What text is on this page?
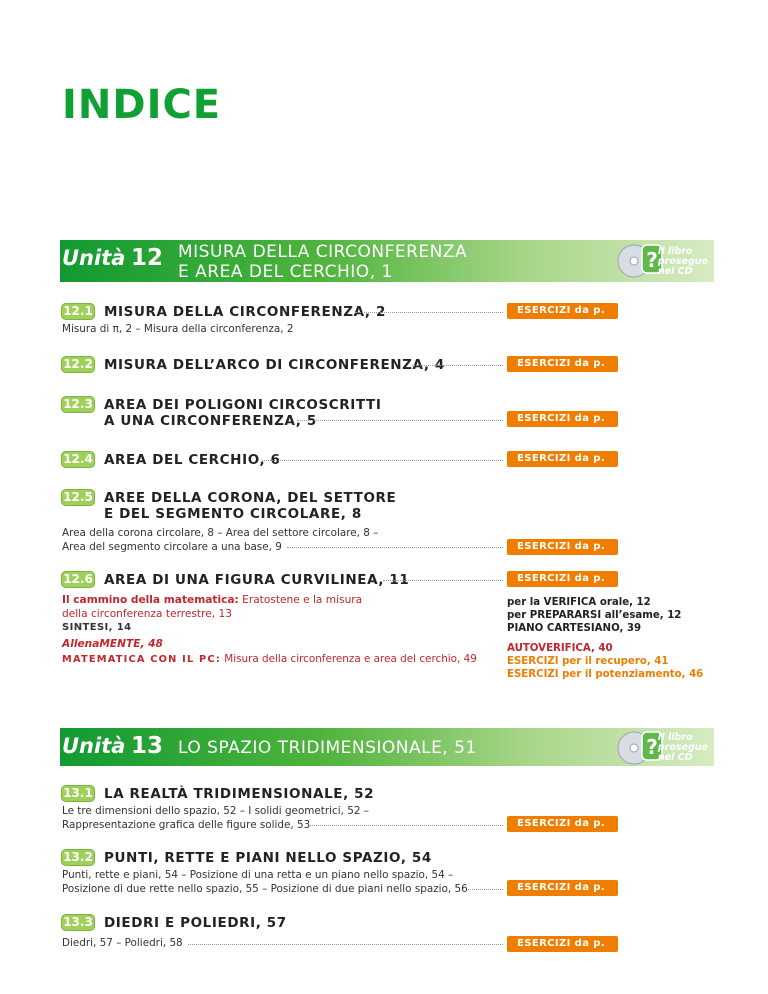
INDICE
Unità 12 MISURA DELLA CIRCONFERENZA
E AREA DEL CERCHIO, 1	? Il libro
prosegue
nel CD
12.1 MISURA DELLA CIRCONFERENZA, 2	ESERCIZI da p. 15
Misura di π, 2 – Misura della circonferenza, 2
12.2 MISURA DELL’ARCO DI CIRCONFERENZA, 4	ESERCIZI da p. 21
12.3 AREA DEI POLIGONI CIRCOSCRITTI
A UNA CIRCONFERENZA, 5	ESERCIZI da p. 25
12.4 AREA DEL CERCHIO, 6	ESERCIZI da p. 28
12.5 AREE DELLA CORONA, DEL SETTORE
E DEL SEGMENTO CIRCOLARE, 8
Area della corona circolare, 8 – Area del settore circolare, 8 –
Area del segmento circolare a una base, 9	ESERCIZI da p. 34
12.6 AREA DI UNA FIGURA CURVILINEA, 11	ESERCIZI da p. 38
Il cammino della matematica: Eratostene e la misura
della circonferenza terrestre, 13
SINTESI, 14
AllenaMENTE, 48
MATEMATICA CON IL PC: Misura della circonferenza e area del cerchio, 49
per la VERIFICA orale, 12
per PREPARARSI all’esame, 12
PIANO CARTESIANO, 39
AUTOVERIFICA, 40
ESERCIZI per il recupero, 41
ESERCIZI per il potenziamento, 46
Unità 13 LO SPAZIO TRIDIMENSIONALE, 51	? Il libro
prosegue
nel CD
13.1 LA REALTÀ TRIDIMENSIONALE, 52
Le tre dimensioni dello spazio, 52 – I solidi geometrici, 52 –
Rappresentazione grafica delle figure solide, 53	ESERCIZI da p. 70
13.2 PUNTI, RETTE E PIANI NELLO SPAZIO, 54
Punti, rette e piani, 54 – Posizione di una retta e un piano nello spazio, 54 –
Posizione di due rette nello spazio, 55 – Posizione di due piani nello spazio, 56	ESERCIZI da p. 71
13.3 DIEDRI E POLIEDRI, 57
Diedri, 57 – Poliedri, 58	ESERCIZI da p. 75
